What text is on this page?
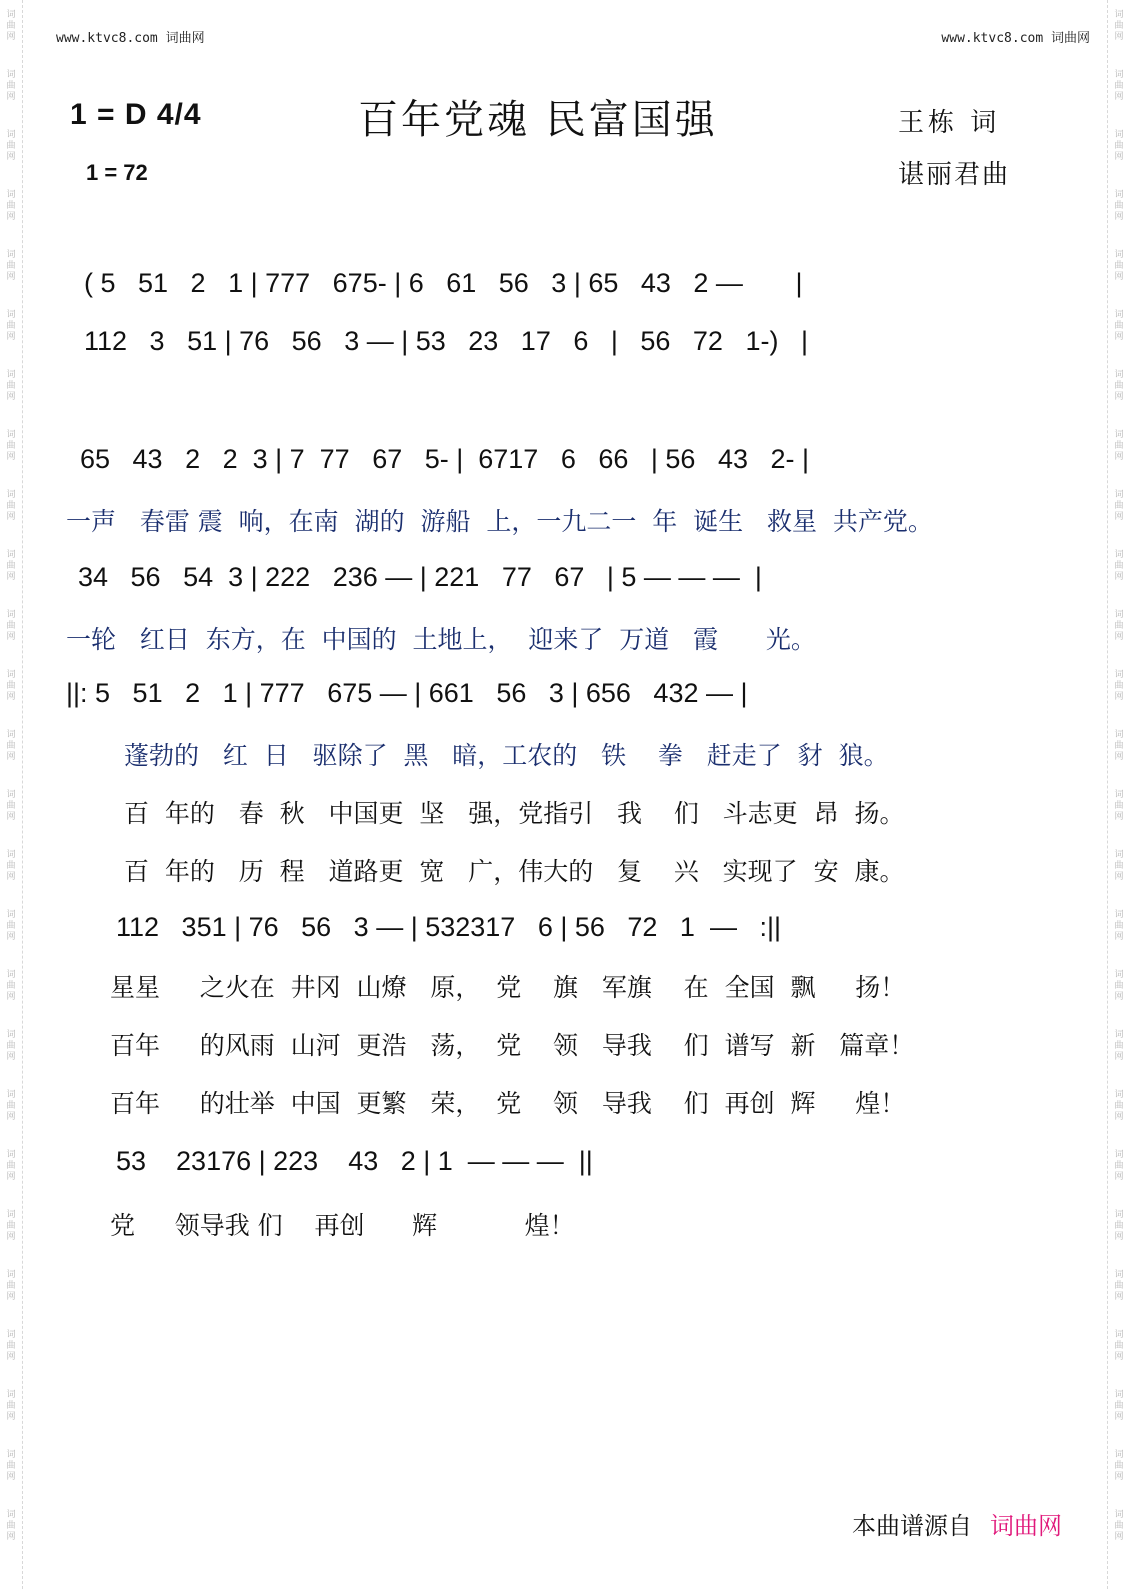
词
曲
网
词
曲
网
词
曲
网
词
曲
网
词
曲
网
词
曲
网
词
曲
网
词
曲
网
词
曲
网
词
曲
网
词
曲
网
词
曲
网
词
曲
网
词
曲
网
词
曲
网
词
曲
网
词
曲
网
词
曲
网
词
曲
网
词
曲
网
词
曲
网
词
曲
网
词
曲
网
词
曲
网
词
曲
网
词
曲
网
词
曲
网
词
曲
网
词
曲
网
词
曲
网
词
曲
网
词
曲
网
词
曲
网
词
曲
网
词
曲
网
词
曲
网
词
曲
网
词
曲
网
词
曲
网
词
曲
网
词
曲
网
词
曲
网
词
曲
网
词
曲
网
词
曲
网
词
曲
网
词
曲
网
词
曲
网
词
曲
网
词
曲
网
词
曲
网
词
曲
网
www.ktvc8.com 词曲网	www.ktvc8.com 词曲网
1 = D 4/4
1 = 72
百年党魂 民富国强	王栋 词
谌丽君曲
( 5   51   2   1 | 777   675- | 6   61   56   3 | 65   43   2 —       |
112   3   51 | 76   56   3 — | 53   23   17   6   |   56   72   1-)   |
65   43   2   2  3 | 7  77   67   5- |  6717   6   66   | 56   43   2- |
一声   春雷 震  响，在南  湖的  游船  上，一九二一  年  诞生   救星  共产党。
34   56   54  3 | 222   236 — | 221   77   67   | 5 — — —  |
一轮   红日  东方，在  中国的  土地上，  迎来了  万道   霞      光。
||: 5   51   2   1 | 777   675 — | 661   56   3 | 656   432 — |
蓬勃的   红  日   驱除了  黑   暗，工农的   铁    拳   赶走了  豺  狼。
百  年的   春  秋   中国更  坚   强，党指引   我    们   斗志更  昂  扬。
百  年的   历  程   道路更  宽   广，伟大的   复    兴   实现了  安  康。
112   351 | 76   56   3 — | 532317   6 | 56   72   1  —   :||
星星     之火在  井冈  山燎   原，  党    旗   军旗    在  全国  飘     扬！
百年     的风雨  山河  更浩   荡，  党    领   导我    们  谱写  新   篇章！
百年     的壮举  中国  更繁   荣，  党    领   导我    们  再创  辉     煌！
53    23176 | 223    43   2 | 1  — — —  ||
党     领导我 们    再创      辉           煌！
本曲谱源自 词曲网
